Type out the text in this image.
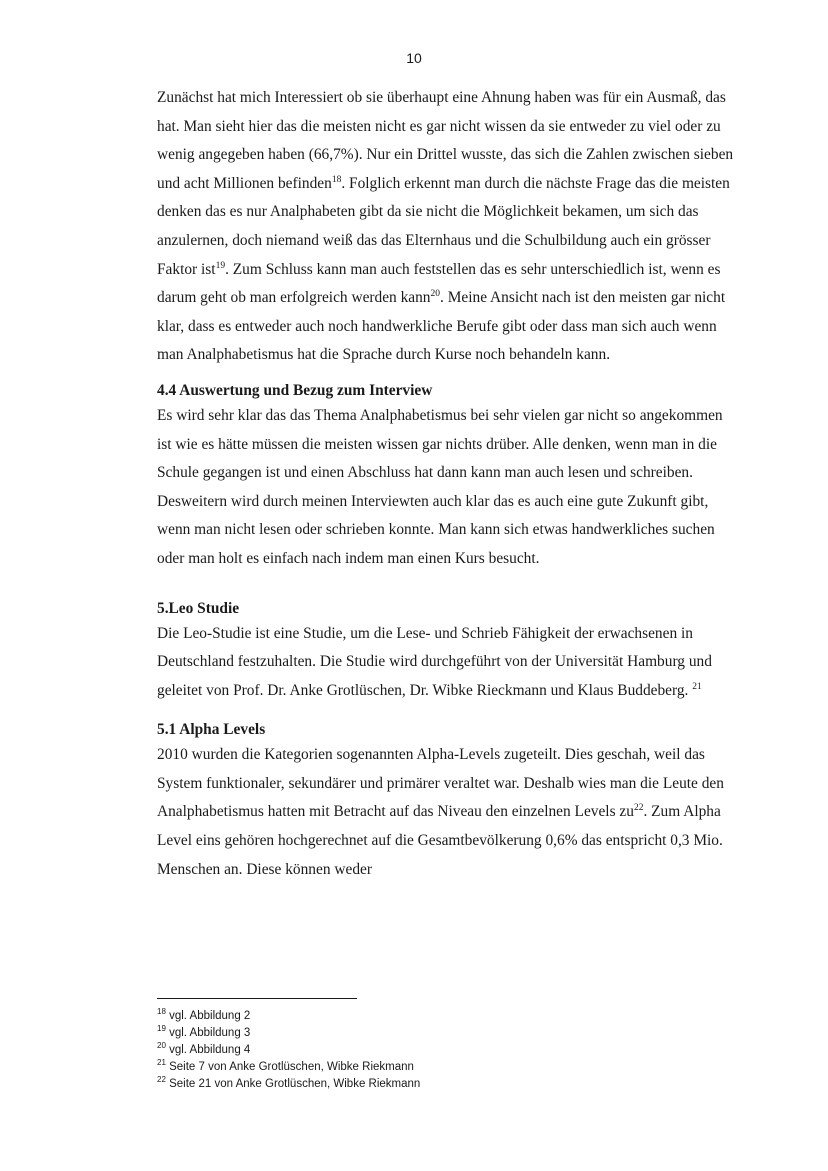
10

Zunächst hat mich Interessiert ob sie überhaupt eine Ahnung haben was für ein Ausmaß, das hat. Man sieht hier das die meisten nicht es gar nicht wissen da sie entweder zu viel oder zu wenig angegeben haben (66,7%). Nur ein Drittel wusste, das sich die Zahlen zwischen sieben und acht Millionen befinden$^{18}$. Folglich erkennt man durch die nächste Frage das die meisten denken das es nur Analphabeten gibt da sie nicht die Möglichkeit bekamen, um sich das anzulernen, doch niemand weiß das das Elternhaus und die Schulbildung auch ein grösser Faktor ist$^{19}$. Zum Schluss kann man auch feststellen das es sehr unterschiedlich ist, wenn es darum geht ob man erfolgreich werden kann$^{20}$. Meine Ansicht nach ist den meisten gar nicht klar, dass es entweder auch noch handwerkliche Berufe gibt oder dass man sich auch wenn man Analphabetismus hat die Sprache durch Kurse noch behandeln kann.

4.4 Auswertung und Bezug zum Interview

Es wird sehr klar das das Thema Analphabetismus bei sehr vielen gar nicht so angekommen ist wie es hätte müssen die meisten wissen gar nichts drüber. Alle denken, wenn man in die Schule gegangen ist und einen Abschluss hat dann kann man auch lesen und schreiben. Desweitern wird durch meinen Interviewten auch klar das es auch eine gute Zukunft gibt, wenn man nicht lesen oder schrieben konnte. Man kann sich etwas handwerkliches suchen oder man holt es einfach nach indem man einen Kurs besucht.

5.Leo Studie

Die Leo-Studie ist eine Studie, um die Lese- und Schrieb Fähigkeit der erwachsenen in Deutschland festzuhalten. Die Studie wird durchgeführt von der Universität Hamburg und geleitet von Prof. Dr. Anke Grotlüschen, Dr. Wibke Rieckmann und Klaus Buddeberg. $^{21}$

5.1 Alpha Levels

2010 wurden die Kategorien sogenannten Alpha-Levels zugeteilt. Dies geschah, weil das System funktionaler, sekundärer und primärer veraltet war. Deshalb wies man die Leute den Analphabetismus hatten mit Betracht auf das Niveau den einzelnen Levels $zu^{22}$. Zum Alpha Level eins gehören hochgerechnet auf die Gesamtbevölkerung 0,6% das entspricht 0,3 Mio. Menschen an. Diese können weder

$^{18}$ vgl. Abbildung 2
$^{19}$ vgl. Abbildung 3
$^{20}$ vgl. Abbildung 4
$^{21}$ Seite 7 von Anke Grotlüschen, Wibke Riekmann
$^{22}$ Seite 21 von Anke Grotlüschen, Wibke Riekmann
